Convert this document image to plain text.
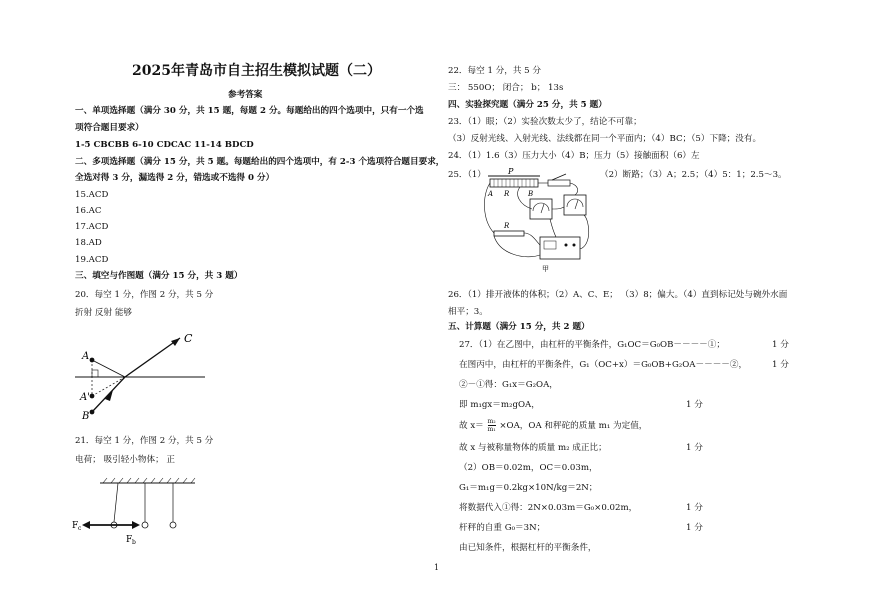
2025年青岛市自主招生模拟试题（二）
参考答案
一、单项选择题（满分 30 分，共 15 题，每题 2 分。每题给出的四个选项中，只有一个选
项符合题目要求）
1-5 CBCBB 6-10 CDCAC 11-14 BDCD
二、多项选择题（满分 15 分，共 5 题。每题给出的四个选项中，有 2-3 个选项符合题目要求，
全选对得 3 分，漏选得 2 分，错选或不选得 0 分）
15.ACD
16.AC
17.ACD
18.AD
19.ACD
三、填空与作图题（满分 15 分，共 3 题）
20．每空 1 分，作图 2 分，共 5 分
折射 反射 能够
A
A'
B
C
21．每空 1 分，作图 2 分，共 5 分
电荷； 吸引轻小物体； 正
F c
F b
22．每空 1 分，共 5 分
三： 550O； 闭合； b； 13s
四、实验探究题（满分 25 分，共 5 题）
23．（1）眼；（2）实验次数太少了，结论不可靠；
（3）反射光线、入射光线、法线都在同一个平面内；（4）BC；（5）下降；没有。
24．（1）1.6（3）压力大小（4）B；压力（5）接触面积（6）左
25．（1）	（2）断路；（3）A；2.5；（4）5：1；2.5～3。
P
A R	B
R
甲
26．（1）排开液体的体积；（2）A、C、E； （3）8；偏大。（4）直到标记处与碗外水面
相平；3。
五、计算题（满分 15 分，共 2 题）
27．（1）在乙图中，由杠杆的平衡条件，G₁OC＝G₀OB－－－－①；	1 分
在图丙中，由杠杆的平衡条件，G₁（OC+x）＝G₀OB+G₂OA－－－－②，	1 分
②－①得：G₁x＝G₂OA，
即 m₁gx＝m₂gOA，	1 分
故 $x= \frac{\text{m₂}}{\text{m₁}} \times OA$，OA 和秤砣的质量 m₁ 为定值，
故 x 与被称量物体的质量 m₂ 成正比；	1 分
（2）OB＝0.02m，OC＝0.03m，
G₁＝m₁g＝0.2kg×10N/kg＝2N；
将数据代入①得：2N×0.03m＝G₀×0.02m，	1 分
杆秤的自重 G₀＝3N；	1 分
由已知条件，根据杠杆的平衡条件，
1
